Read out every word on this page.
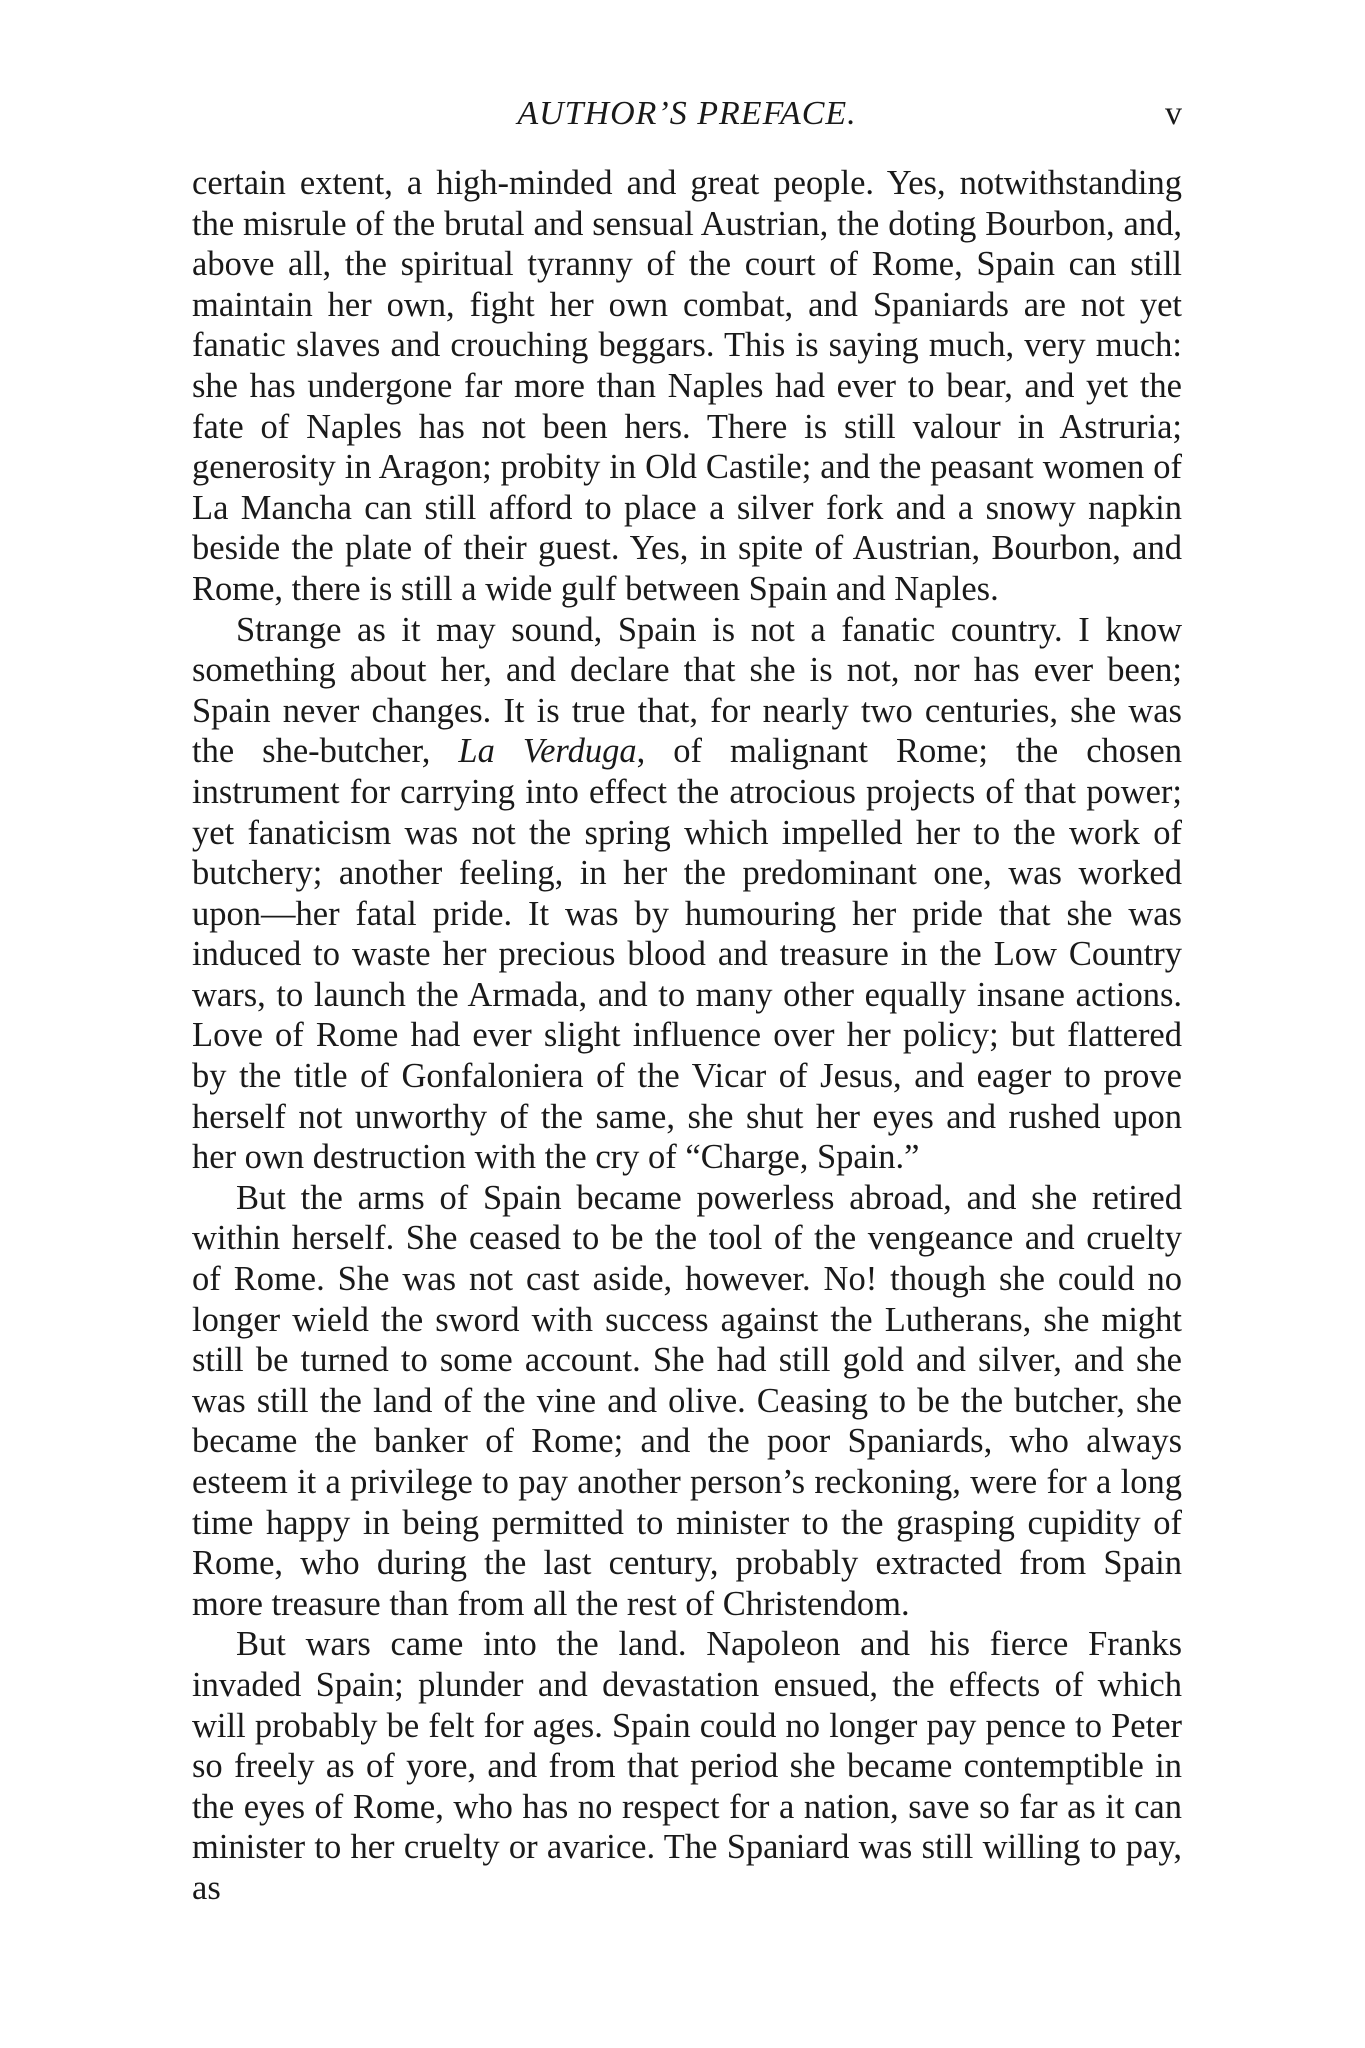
AUTHOR’S PREFACE.	v

certain extent, a high-minded and great people. Yes, notwithstanding the misrule of the brutal and sensual Austrian, the doting Bourbon, and, above all, the spiritual tyranny of the court of Rome, Spain can still maintain her own, fight her own combat, and Spaniards are not yet fanatic slaves and crouching beggars. This is saying much, very much: she has undergone far more than Naples had ever to bear, and yet the fate of Naples has not been hers. There is still valour in Astruria; generosity in Aragon; probity in Old Castile; and the peasant women of La Mancha can still afford to place a silver fork and a snowy napkin beside the plate of their guest. Yes, in spite of Austrian, Bourbon, and Rome, there is still a wide gulf between Spain and Naples.

Strange as it may sound, Spain is not a fanatic country. I know something about her, and declare that she is not, nor has ever been; Spain never changes. It is true that, for nearly two centuries, she was the she-butcher, La Verduga, of malignant Rome; the chosen instrument for carrying into effect the atrocious projects of that power; yet fanaticism was not the spring which impelled her to the work of butchery; another feeling, in her the predominant one, was worked upon—her fatal pride. It was by humouring her pride that she was induced to waste her precious blood and treasure in the Low Country wars, to launch the Armada, and to many other equally insane actions. Love of Rome had ever slight influence over her policy; but flattered by the title of Gonfaloniera of the Vicar of Jesus, and eager to prove herself not unworthy of the same, she shut her eyes and rushed upon her own destruction with the cry of “Charge, Spain.”

But the arms of Spain became powerless abroad, and she retired within herself. She ceased to be the tool of the vengeance and cruelty of Rome. She was not cast aside, however. No! though she could no longer wield the sword with success against the Lutherans, she might still be turned to some account. She had still gold and silver, and she was still the land of the vine and olive. Ceasing to be the butcher, she became the banker of Rome; and the poor Spaniards, who always esteem it a privilege to pay another person’s reckoning, were for a long time happy in being permitted to minister to the grasping cupidity of Rome, who during the last century, probably extracted from Spain more treasure than from all the rest of Christendom.

But wars came into the land. Napoleon and his fierce Franks invaded Spain; plunder and devastation ensued, the effects of which will probably be felt for ages. Spain could no longer pay pence to Peter so freely as of yore, and from that period she became contemptible in the eyes of Rome, who has no respect for a nation, save so far as it can minister to her cruelty or avarice. The Spaniard was still willing to pay, as
